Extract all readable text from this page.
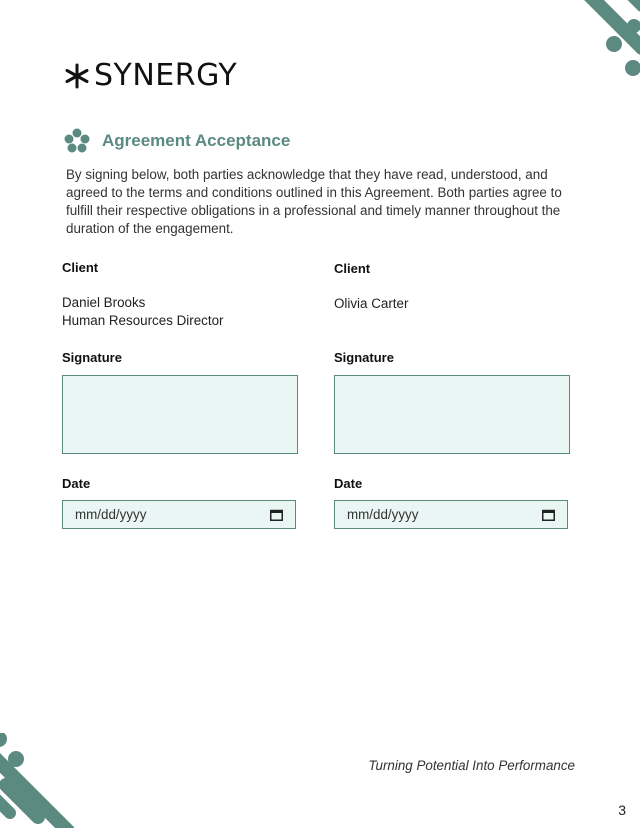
SYNERGY
Agreement Acceptance

By signing below, both parties acknowledge that they have read, understood, and agreed to the terms and conditions outlined in this Agreement. Both parties agree to fulfill their respective obligations in a professional and timely manner throughout the duration of the engagement.

Client
Daniel Brooks
Human Resources Director
Signature
Date
mm/dd/yyyy
Client
Olivia Carter
Signature
Date
mm/dd/yyyy
Turning Potential Into Performance
3
